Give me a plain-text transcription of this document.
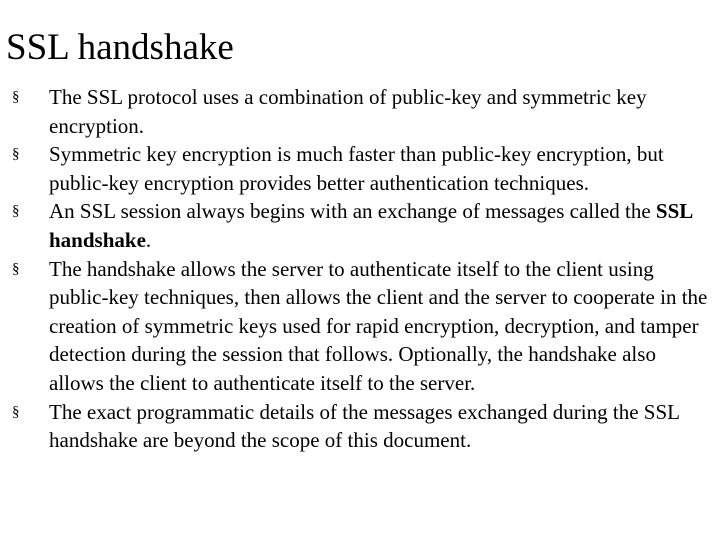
SSL handshake
§ The SSL protocol uses a combination of public-key and symmetric key encryption.
§ Symmetric key encryption is much faster than public-key encryption, but public-key encryption provides better authentication techniques.
§ An SSL session always begins with an exchange of messages called the SSL handshake.
§ The handshake allows the server to authenticate itself to the client using public-key techniques, then allows the client and the server to cooperate in the creation of symmetric keys used for rapid encryption, decryption, and tamper detection during the session that follows. Optionally, the handshake also allows the client to authenticate itself to the server.
§ The exact programmatic details of the messages exchanged during the SSL handshake are beyond the scope of this document.
